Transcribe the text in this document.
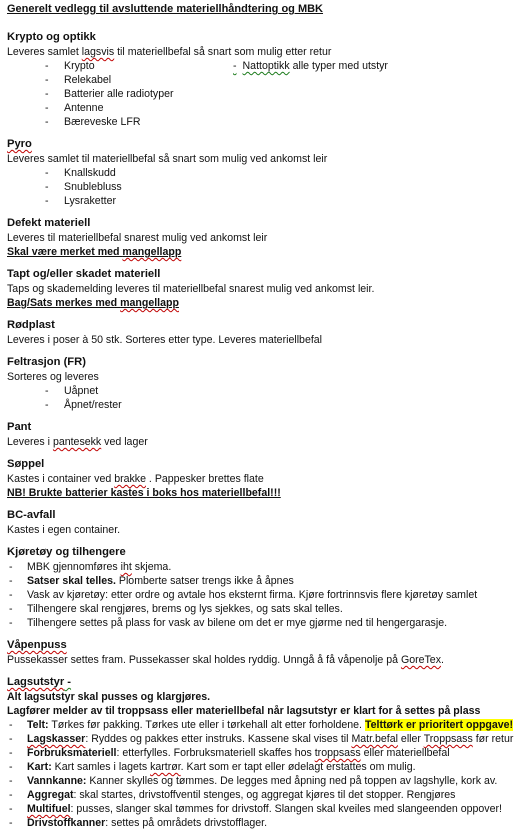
Generelt vedlegg til avsluttende materiellhåndtering og MBK
Krypto og optikk
Leveres samlet lagsvis til materiellbefal så snart som mulig etter retur
- Krypto
- Relekabel
- Batterier alle radiotyper
- Antenne
- Bæreveske LFR
- Nattoptikk alle typer med utstyr
Pyro
Leveres samlet til materiellbefal så snart som mulig ved ankomst leir
- Knallskudd
- Snublebluss
- Lysraketter
Defekt materiell
Leveres til materiellbefal snarest mulig ved ankomst leir
Skal være merket med mangellapp
Tapt og/eller skadet materiell
Taps og skademelding leveres til materiellbefal snarest mulig ved ankomst leir.
Bag/Sats merkes med mangellapp
Rødplast
Leveres i poser à 50 stk. Sorteres etter type. Leveres materiellbefal
Feltrasjon (FR)
Sorteres og leveres
- Uåpnet
- Åpnet/rester
Pant
Leveres i pantesekk ved lager
Søppel
Kastes i container ved brakke . Pappesker brettes flate
NB! Brukte batterier kastes i boks hos materiellbefal!!!
BC-avfall
Kastes i egen container.
Kjøretøy og tilhengere
- MBK gjennomføres iht skjema.
- Satser skal telles. Plomberte satser trengs ikke å åpnes
- Vask av kjøretøy: etter ordre og avtale hos eksternt firma. Kjøre fortrinnsvis flere kjøretøy samlet
- Tilhengere skal rengjøres, brems og lys sjekkes, og sats skal telles.
- Tilhengere settes på plass for vask av bilene om det er mye gjørme ned til hengergarasje.
Våpenpuss
Pussekasser settes fram. Pussekasser skal holdes ryddig. Unngå å få våpenolje på GoreTex.
Lagsutstyr -
Alt lagsutstyr skal pusses og klargjøres.
Lagfører melder av til troppsass eller materiellbefal når lagsutstyr er klart for å settes på plass
- Telt: Tørkes før pakking. Tørkes ute eller i tørkehall alt etter forholdene. Telttørk er prioritert oppgave!
- Lagskasser: Ryddes og pakkes etter instruks. Kassene skal vises til Matr.befal eller Troppsass før retur
- Forbruksmateriell: etterfylles. Forbruksmateriell skaffes hos troppsass eller materiellbefal
- Kart: Kart samles i lagets kartrør. Kart som er tapt eller ødelagt erstattes om mulig.
- Vannkanne: Kanner skylles og tømmes. De legges med åpning ned på toppen av lagshylle, kork av.
- Aggregat: skal startes, drivstoffventil stenges, og aggregat kjøres til det stopper. Rengjøres
- Multifuel: pusses, slanger skal tømmes for drivstoff. Slangen skal kveiles med slangeenden oppover!
- Drivstoffkanner: settes på områdets drivstofflager.
